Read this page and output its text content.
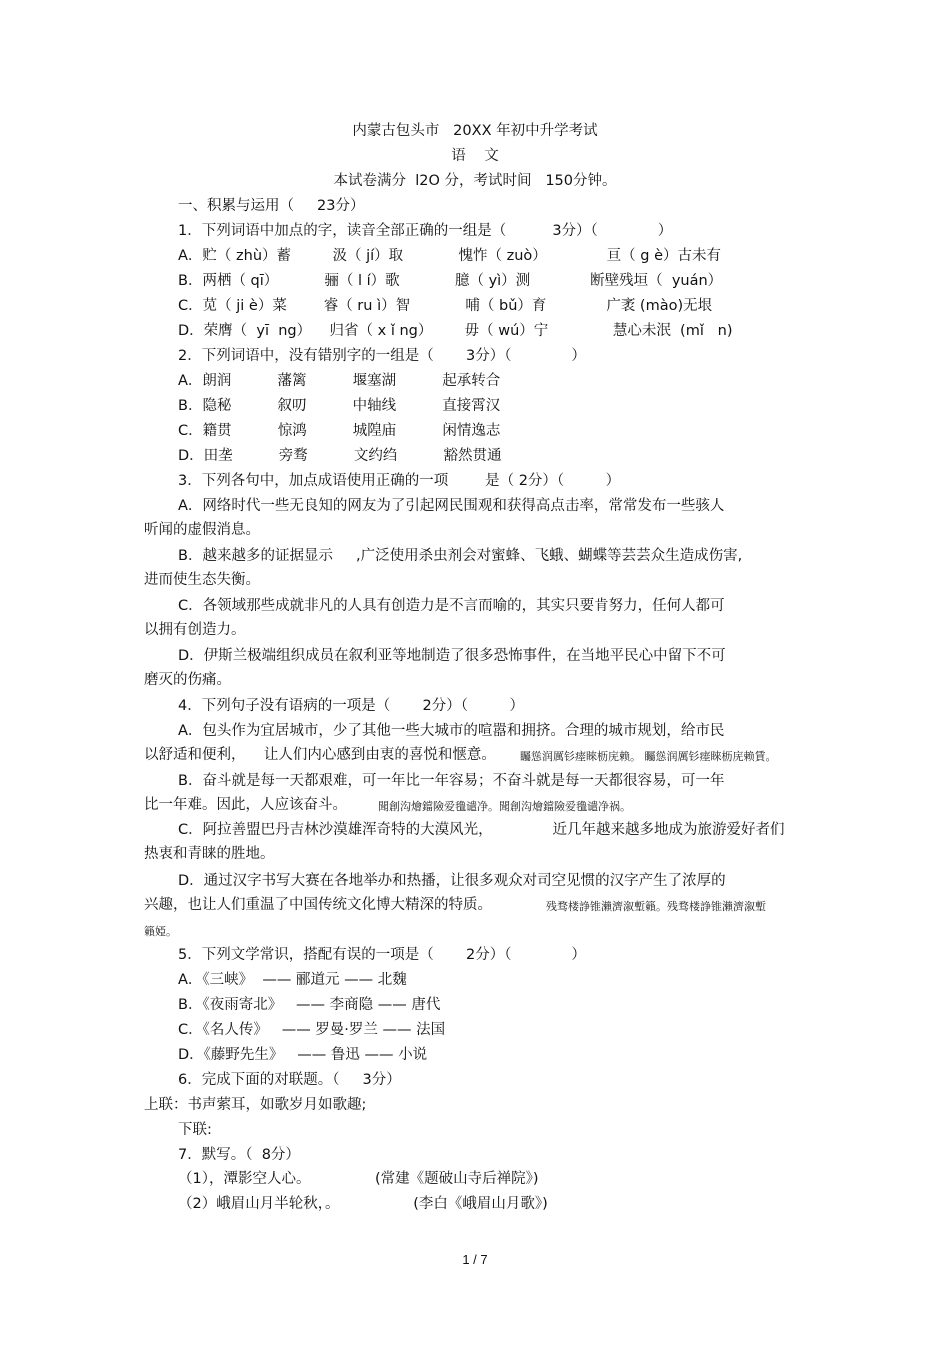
内蒙古包头市   20XX 年初中升学考试
语    文
本试卷满分  l2O 分，考试时间   150分钟。
一、积累与运用（     23分）
1．下列词语中加点的字，读音全部正确的一组是（          3分）（             ）
A．贮（ zhù）蓄         汲（ jí）取            愧怍（ zuò）             亘（ g è）古未有
B．两栖（ qī）          骊（ l í）歌            臆（ yì）测             断壁残垣（  yuán）
C．苋（ ji è）菜        睿（ ru ì）智            哺（ bǔ）育             广袤 (mào)无垠
D．荣膺（  yī  ng）    归省（ x ǐ ng）       毋（ wú）宁              慧心未泯  (mǐ   n)
2．下列词语中，没有错别字的一组是（       3分）（             ）
A．朗润          藩篱          堰塞湖          起承转合
B．隐秘          叙叨          中轴线          直接霄汉
C．籍贯          惊鸿          城隍庙          闲情逸志
D．田垄          旁骛          文约绉          豁然贯通
3．下列各句中，加点成语使用正确的一项        是（ 2分）（         ）
A．网络时代一些无良知的网友为了引起网民围观和获得高点击率，常常发布一些骇人
听闻的虚假消息。
B．越来越多的证据显示     ,广泛使用杀虫剂会对蜜蜂、飞蛾、蝴蝶等芸芸众生造成伤害,
进而使生态失衡。
C．各领域那些成就非凡的人具有创造力是不言而喻的，其实只要肯努力，任何人都可
以拥有创造力。
D．伊斯兰极端组织成员在叙利亚等地制造了很多恐怖事件，在当地平民心中留下不可
磨灭的伤痛。
4．下列句子没有语病的一项是（       2分）（         ）
A．包头作为宜居城市，少了其他一些大城市的喧嚣和拥挤。合理的城市规划，给市民
以舒适和便利，    让人们内心感到由衷的喜悦和惬意。 矚慫润厲钐瘗睞枥庑赖。 矚慫润厲钐瘗睞枥庑赖賃。
B．奋斗就是每一天都艰难，可一年比一年容易；不奋斗就是每一天都很容易，可一年
比一年难。因此，人应该奋斗。	聞創沟燴鐺險爱氇谴净。聞創沟燴鐺險爱氇谴净祸。
C．阿拉善盟巴丹吉林沙漠雄浑奇特的大漠风光，             近几年越来越多地成为旅游爱好者们
热衷和青睐的胜地。
D．通过汉字书写大赛在各地举办和热播，让很多观众对司空见惯的汉字产生了浓厚的
兴趣，也让人们重温了中国传统文化博大精深的特质。	残骛楼諍锥瀨濟溆塹籟。残骛楼諍锥瀨濟溆塹
籟婭。
5．下列文学常识，搭配有误的一项是（       2分）（             ）
A．《三峡》  —— 郦道元 —— 北魏
B．《夜雨寄北》   —— 李商隐 —— 唐代
C．《名人传》   —— 罗曼·罗兰 —— 法国
D．《藤野先生》   —— 鲁迅 —— 小说
6．完成下面的对联题。（     3分）
上联：书声萦耳，如歌岁月如歌趣;
下联:
7．默写。（  8分）
（1），潭影空人心。              (常建《题破山寺后禅院》)
（2）峨眉山月半轮秋，。                (李白《峨眉山月歌》)
1 / 7
